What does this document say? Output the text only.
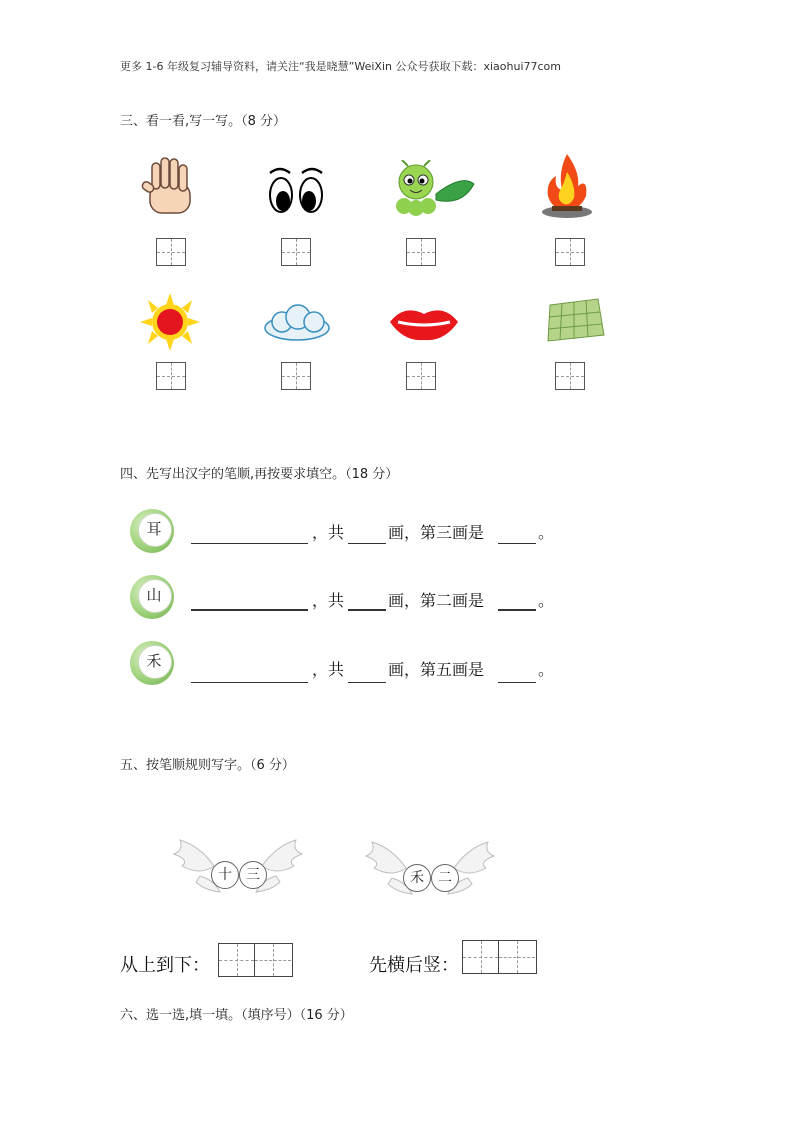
更多 1-6 年级复习辅导资料，请关注“我是晓慧”WeiXin 公众号获取下载：xiaohui77com
三、看一看,写一写。（8 分）
四、先写出汉字的笔顺,再按要求填空。（18 分）
耳	，共	画，第三画是	。
山	，共	画，第二画是	。
禾	，共	画，第五画是	。
五、按笔顺规则写字。（6 分）
十	三	禾	二
从上到下：	先横后竖：
六、选一选,填一填。（填序号）（16 分）
